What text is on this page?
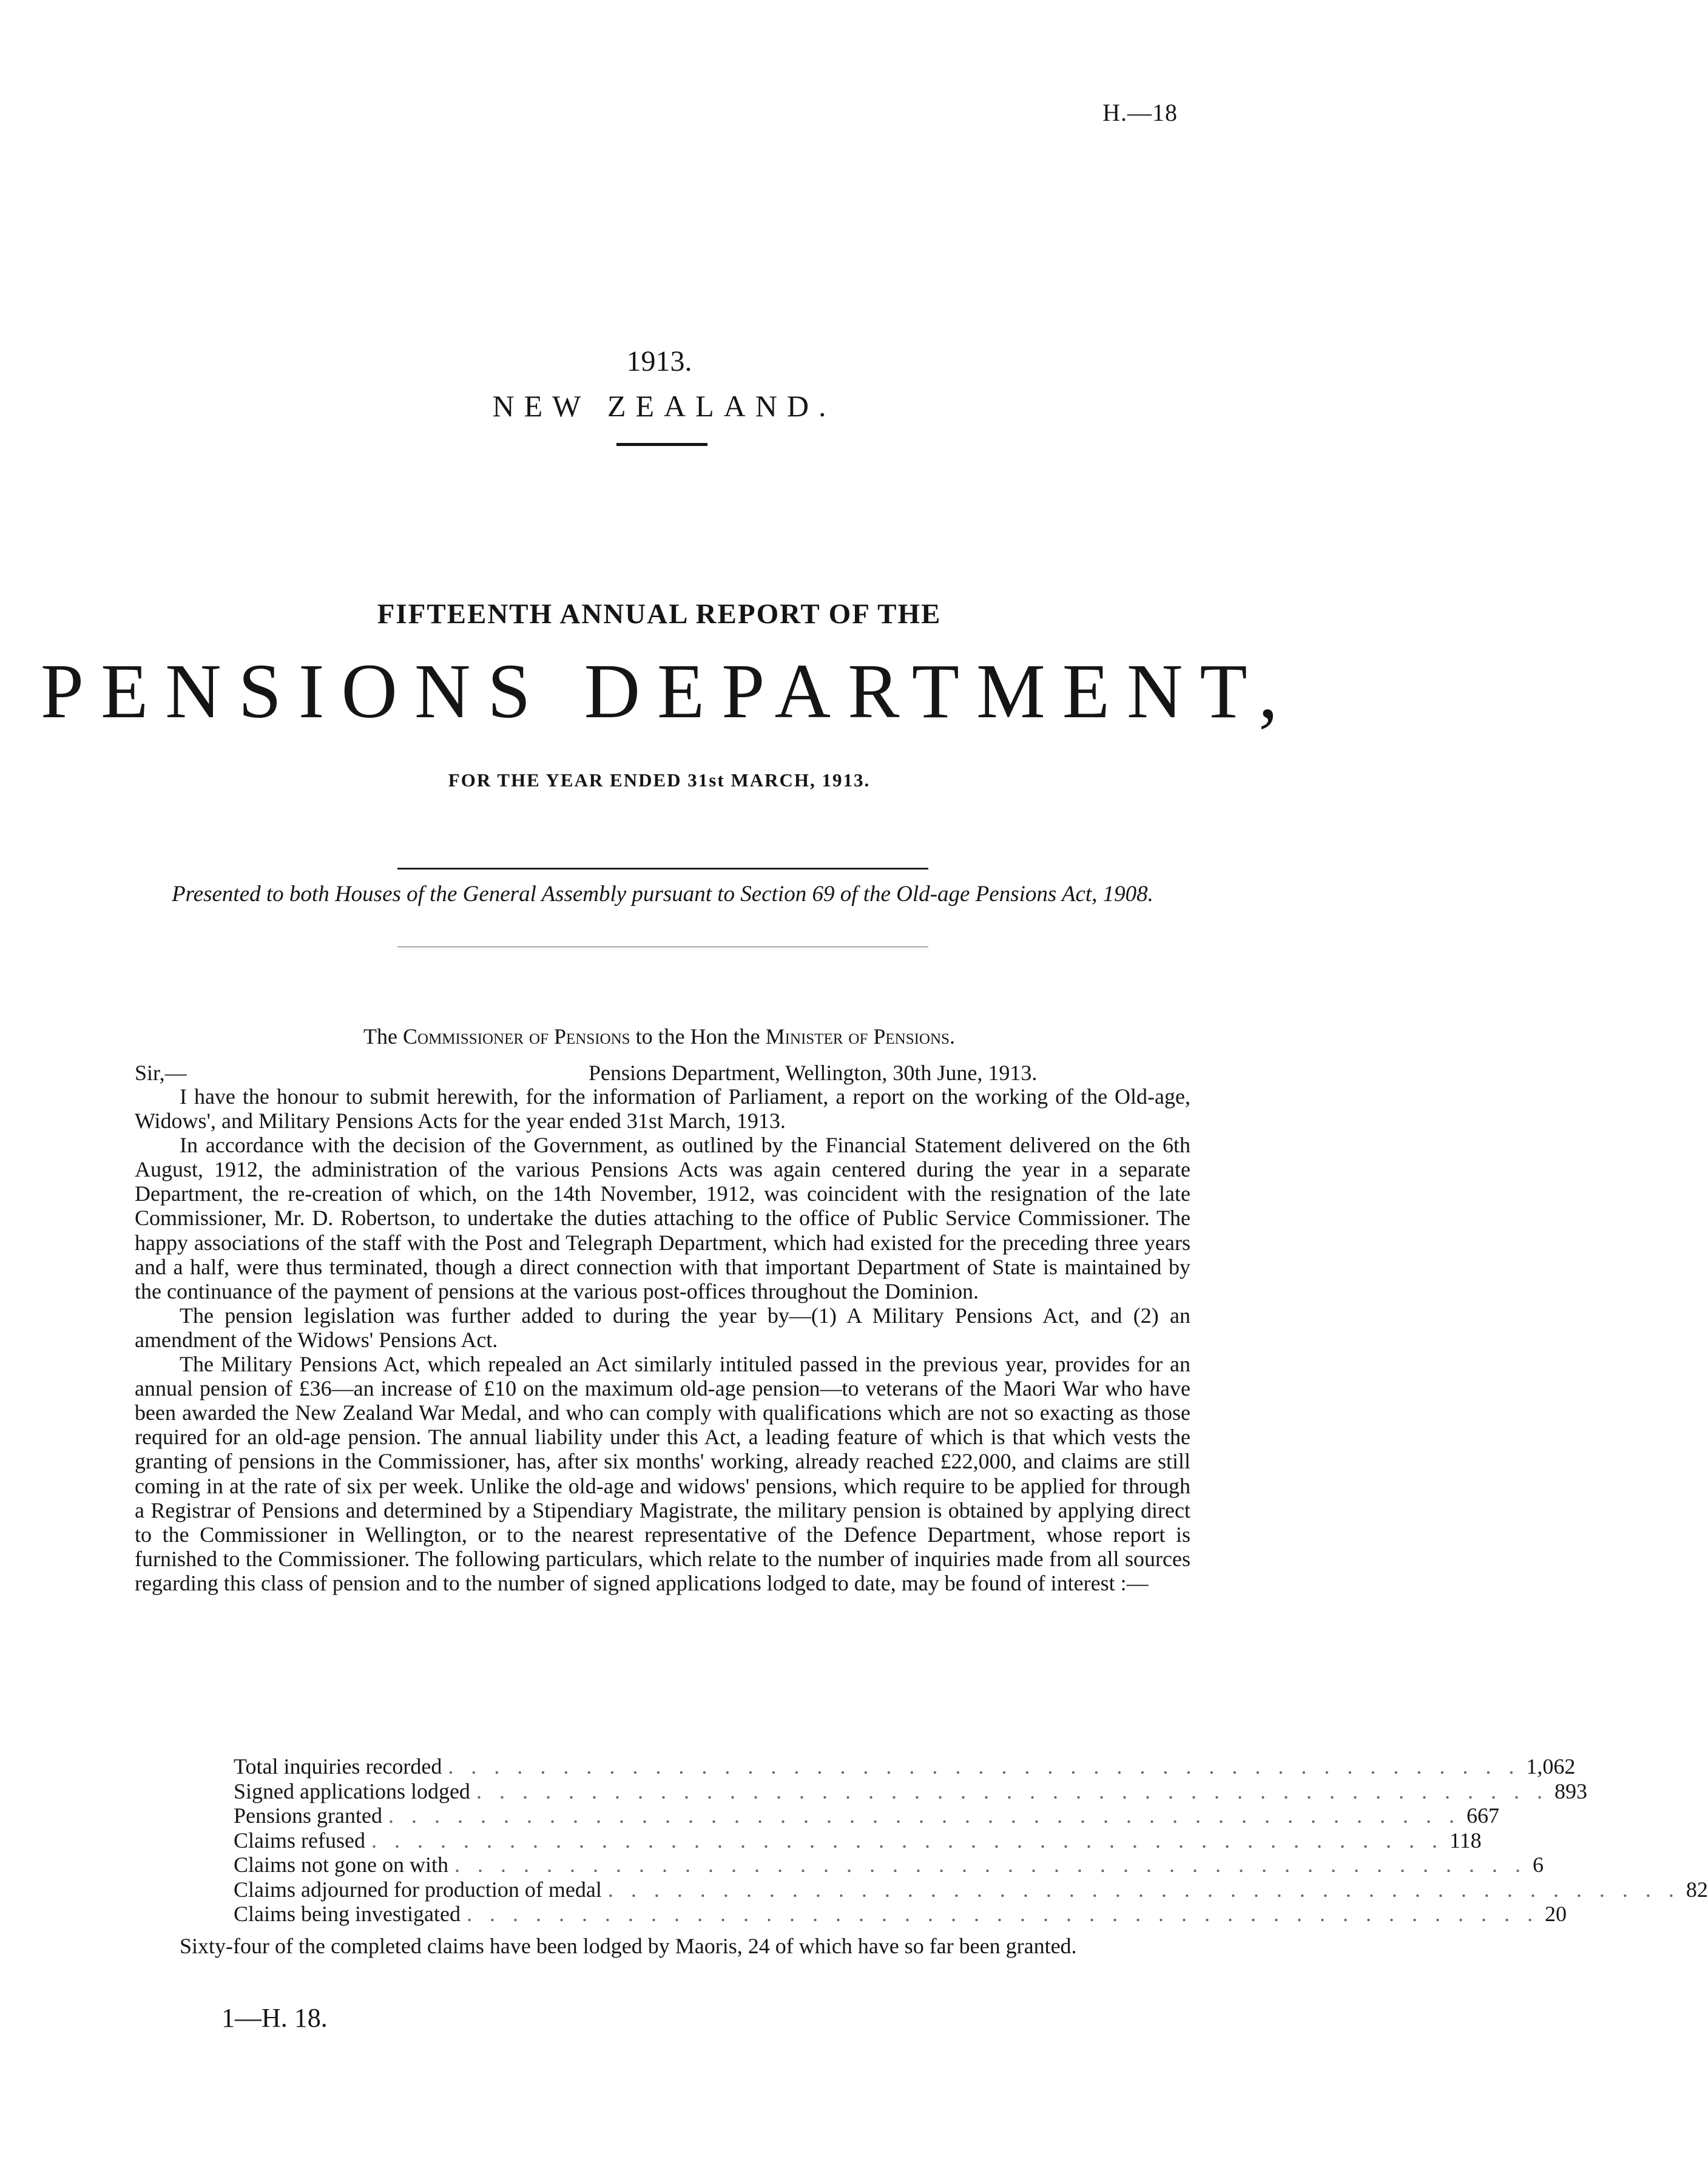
H.—18
1913.
NEW ZEALAND.
FIFTEENTH ANNUAL REPORT OF THE
PENSIONS DEPARTMENT,
FOR THE YEAR ENDED 31st MARCH, 1913.
Presented to both Houses of the General Assembly pursuant to Section 69 of the Old-age Pensions Act, 1908.
The Commissioner of Pensions to the Hon the Minister of Pensions.
Sir,—	Pensions Department, Wellington, 30th June, 1913.

I have the honour to submit herewith, for the information of Parliament, a report on the working of the Old-age, Widows', and Military Pensions Acts for the year ended 31st March, 1913.

In accordance with the decision of the Government, as outlined by the Financial Statement delivered on the 6th August, 1912, the administration of the various Pensions Acts was again centered during the year in a separate Department, the re-creation of which, on the 14th November, 1912, was coincident with the resignation of the late Commissioner, Mr. D. Robertson, to undertake the duties attaching to the office of Public Service Commissioner. The happy associations of the staff with the Post and Telegraph Department, which had existed for the preceding three years and a half, were thus terminated, though a direct connection with that important Department of State is maintained by the continuance of the payment of pensions at the various post-offices throughout the Dominion.

The pension legislation was further added to during the year by—(1) A Military Pensions Act, and (2) an amendment of the Widows' Pensions Act.

The Military Pensions Act, which repealed an Act similarly intituled passed in the previous year, provides for an annual pension of £36—an increase of £10 on the maximum old-age pension—to veterans of the Maori War who have been awarded the New Zealand War Medal, and who can comply with qualifications which are not so exacting as those required for an old-age pension. The annual liability under this Act, a leading feature of which is that which vests the granting of pensions in the Commissioner, has, after six months' working, already reached £22,000, and claims are still coming in at the rate of six per week. Unlike the old-age and widows' pensions, which require to be applied for through a Registrar of Pensions and determined by a Stipendiary Magistrate, the military pension is obtained by applying direct to the Commissioner in Wellington, or to the nearest representative of the Defence Department, whose report is furnished to the Commissioner. The following particulars, which relate to the number of inquiries made from all sources regarding this class of pension and to the number of signed applications lodged to date, may be found of interest :—

Total inquiries recorded . . . . . . . . . . . . . . . . . . . . . . . . . . . . . . . . . . . . . . . . . . . . . . . 1,062
Signed applications lodged . . . . . . . . . . . . . . . . . . . . . . . . . . . . . . . . . . . . . . . . . . . . . . . 893
Pensions granted . . . . . . . . . . . . . . . . . . . . . . . . . . . . . . . . . . . . . . . . . . . . . . . 667
Claims refused . . . . . . . . . . . . . . . . . . . . . . . . . . . . . . . . . . . . . . . . . . . . . . . 118
Claims not gone on with . . . . . . . . . . . . . . . . . . . . . . . . . . . . . . . . . . . . . . . . . . . . . . . 6
Claims adjourned for production of medal . . . . . . . . . . . . . . . . . . . . . . . . . . . . . . . . . . . . . . . . . . . . . . . 82
Claims being investigated . . . . . . . . . . . . . . . . . . . . . . . . . . . . . . . . . . . . . . . . . . . . . . . 20

Sixty-four of the completed claims have been lodged by Maoris, 24 of which have so far been granted.

1—H. 18.
